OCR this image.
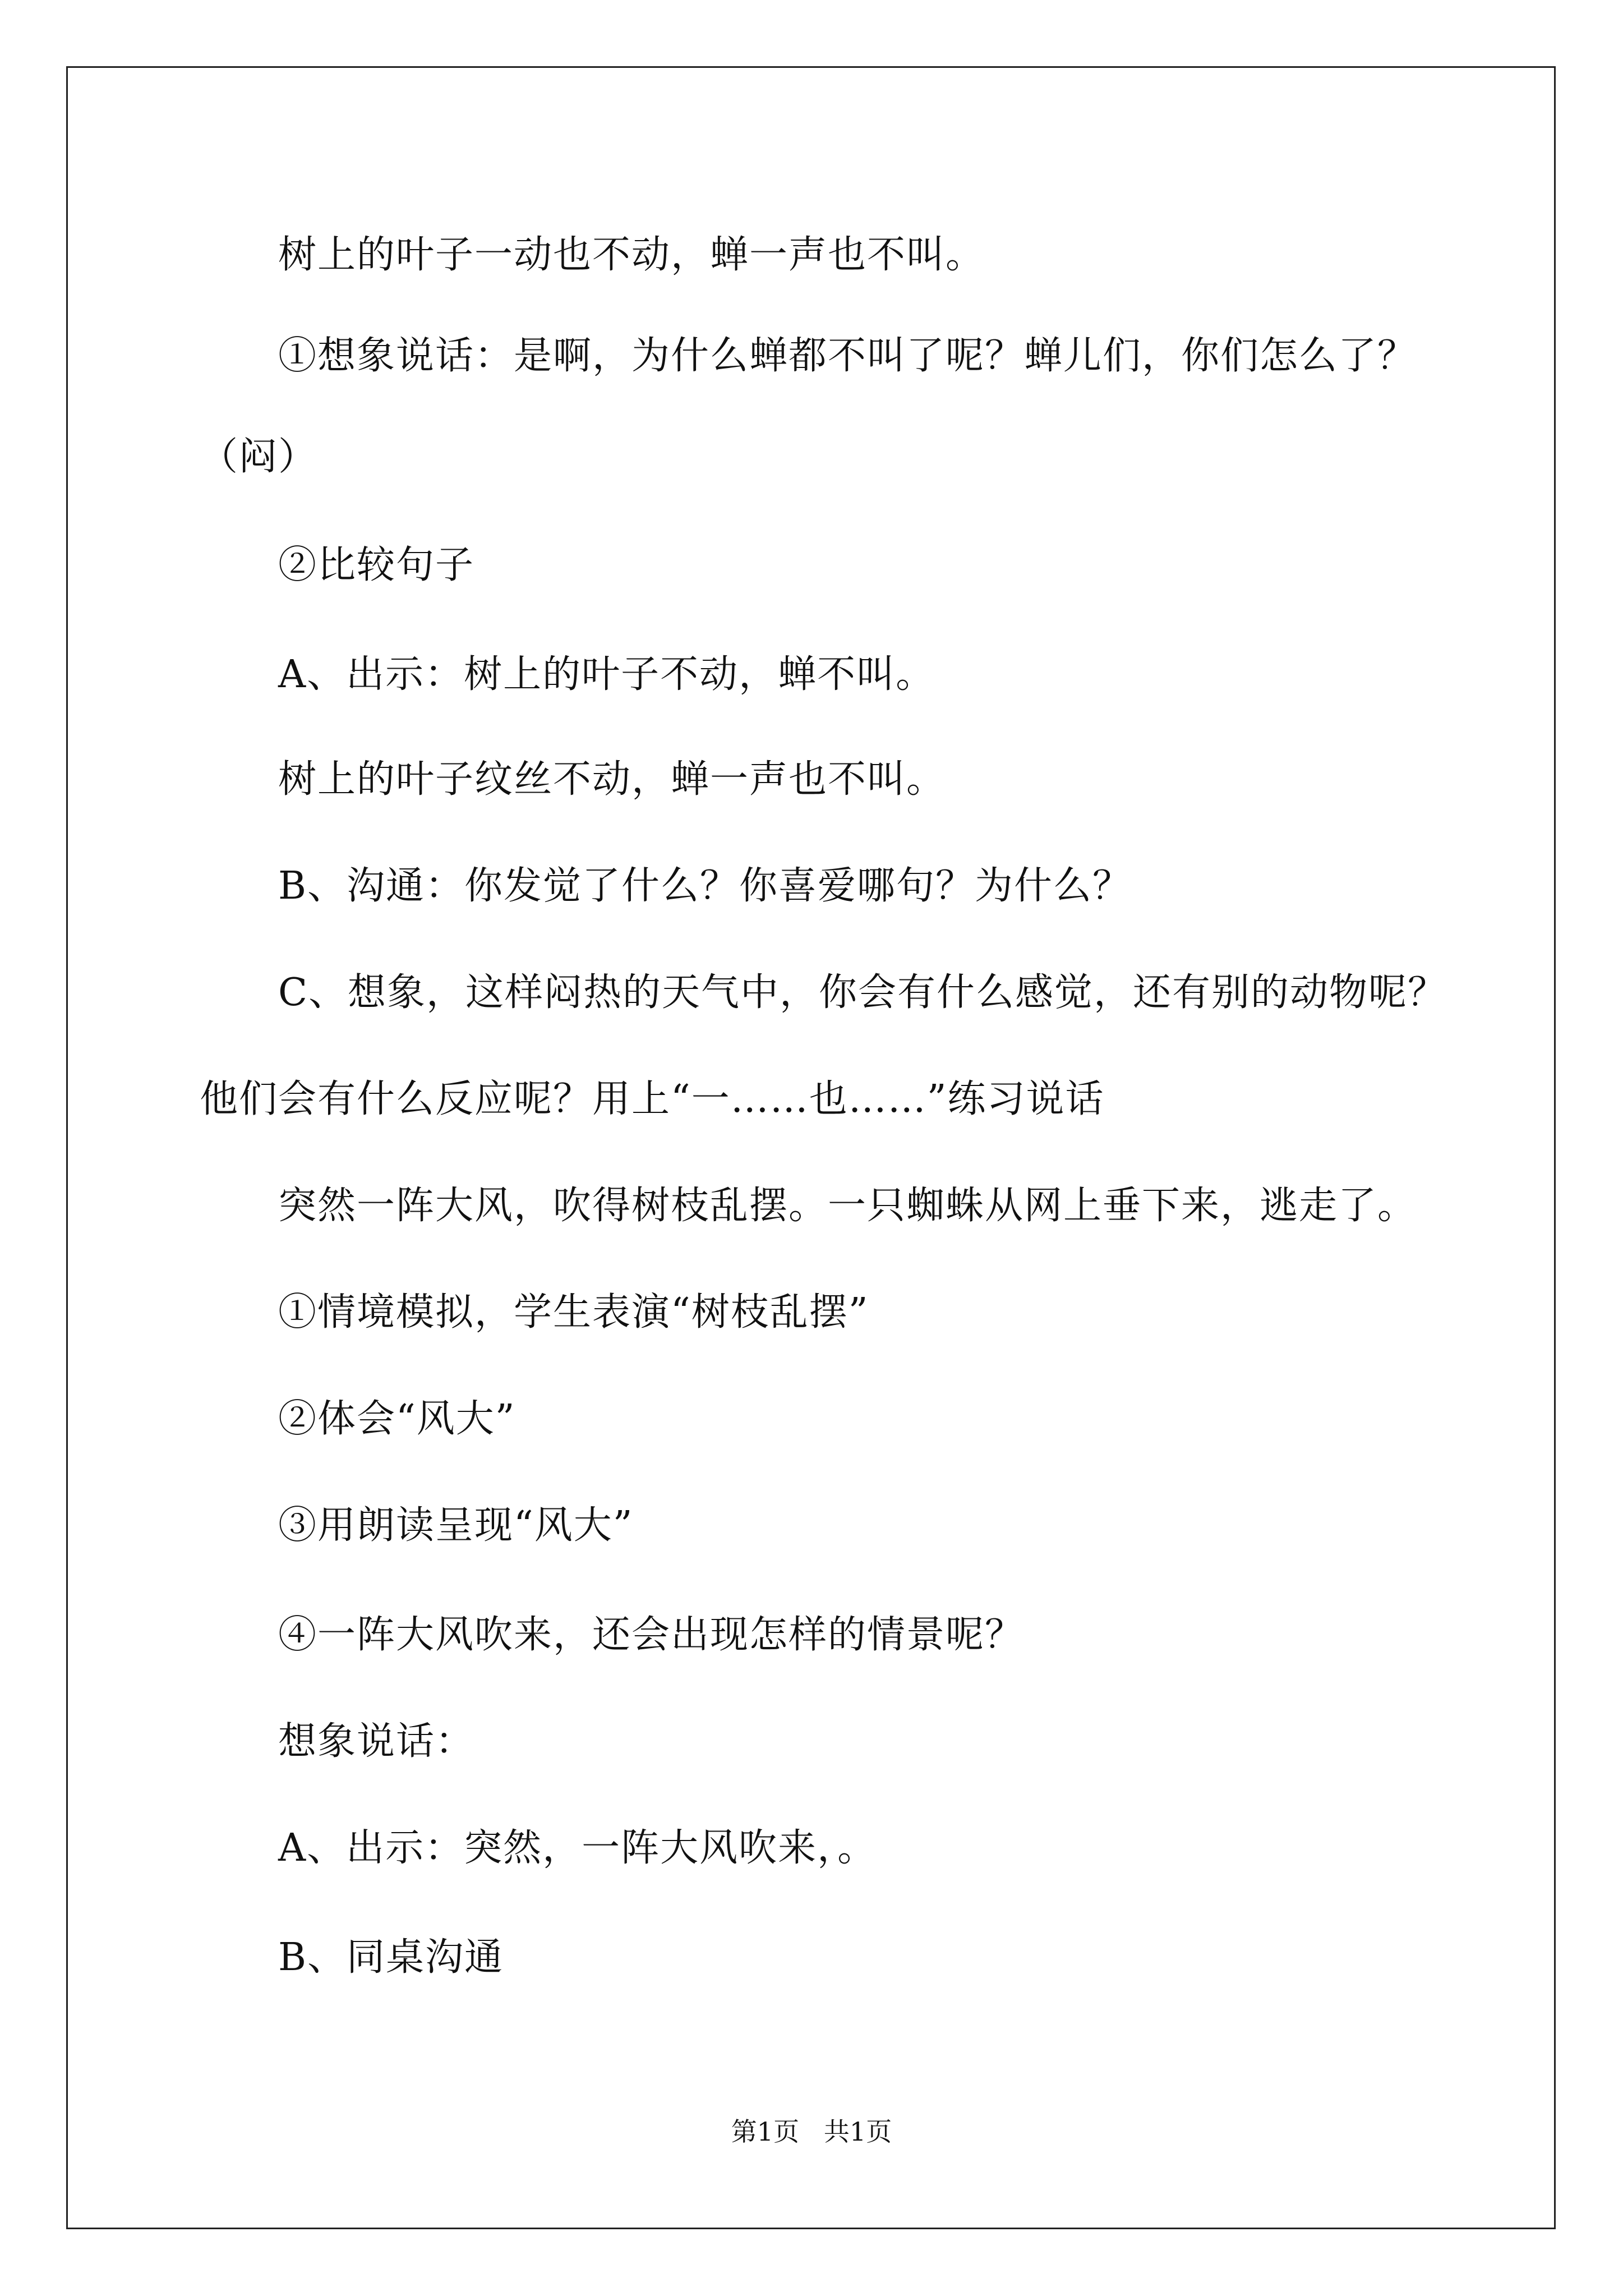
树上的叶子一动也不动，蝉一声也不叫。
①想象说话：是啊，为什么蝉都不叫了呢？蝉儿们，你们怎么了？
（闷）
②比较句子
A、出示：树上的叶子不动，蝉不叫。
树上的叶子纹丝不动，蝉一声也不叫。
B、沟通：你发觉了什么？你喜爱哪句？为什么？
C、想象，这样闷热的天气中，你会有什么感觉，还有别的动物呢？
他们会有什么反应呢？用上“一……也……”练习说话
突然一阵大风，吹得树枝乱摆。一只蜘蛛从网上垂下来，逃走了。
①情境模拟，学生表演“树枝乱摆”
②体会“风大”
③用朗读呈现“风大”
④一阵大风吹来，还会出现怎样的情景呢？
想象说话：
A、出示：突然，一阵大风吹来，。
B、同桌沟通
第1页   共1页
